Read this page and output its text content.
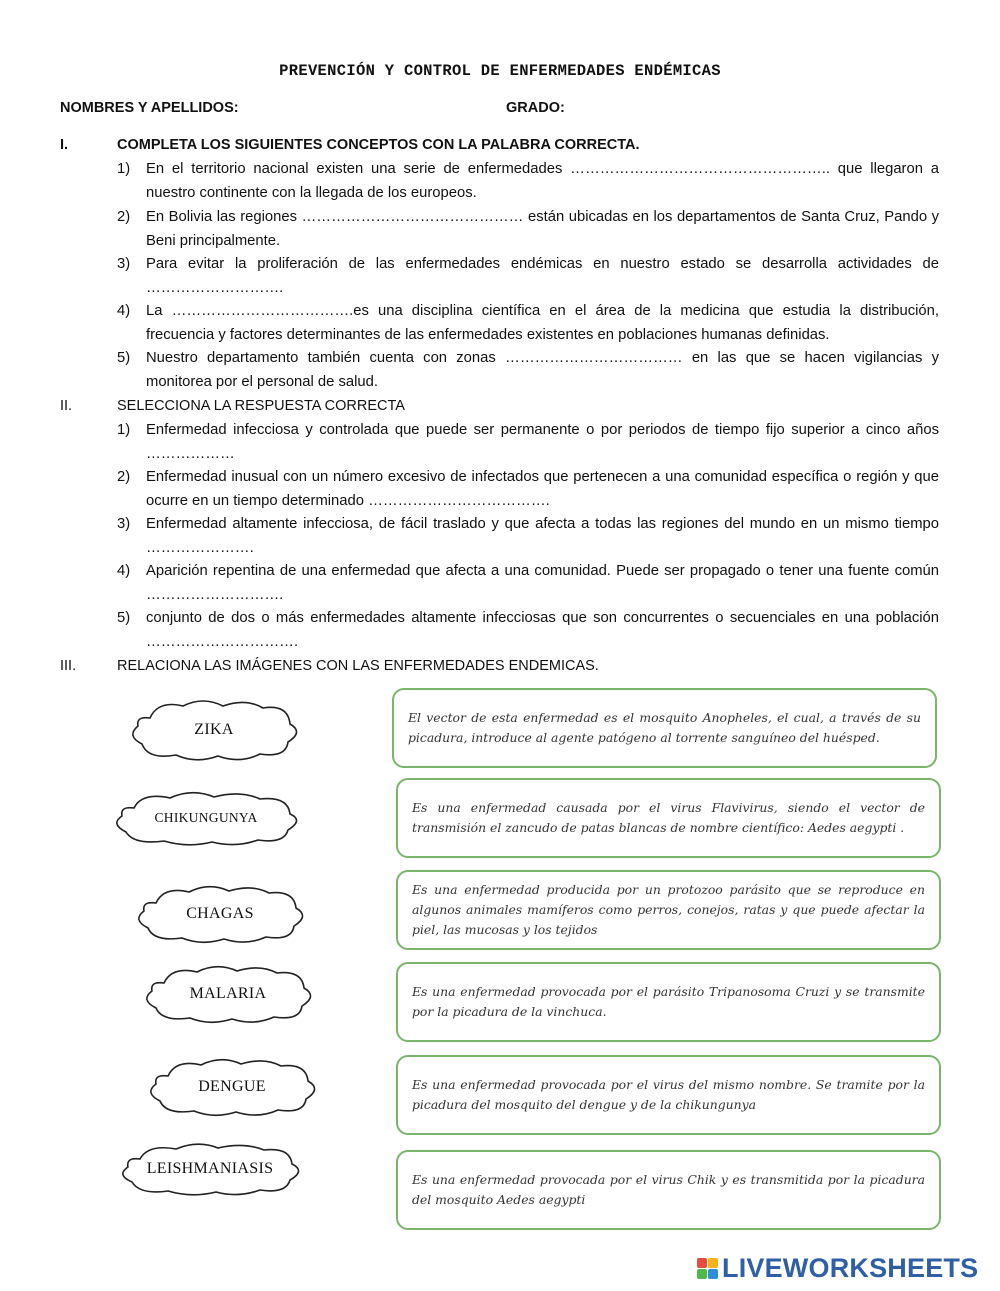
PREVENCIÓN Y CONTROL DE ENFERMEDADES ENDÉMICAS
NOMBRES Y APELLIDOS:	GRADO:
I.	COMPLETA LOS SIGUIENTES CONCEPTOS CON LA PALABRA CORRECTA.
1) En el territorio nacional existen una serie de enfermedades …………………………………………….. que llegaron a nuestro continente con la llegada de los europeos.
2) En Bolivia las regiones ……………………………………… están ubicadas en los departamentos de Santa Cruz, Pando y Beni principalmente.
3) Para evitar la proliferación de las enfermedades endémicas en nuestro estado se desarrolla actividades de ……………………….
4) La ……………………………….es una disciplina científica en el área de la medicina que estudia la distribución, frecuencia y factores determinantes de las enfermedades existentes en poblaciones humanas definidas.
5) Nuestro departamento también cuenta con zonas ……………………………… en las que se hacen vigilancias y monitorea por el personal de salud.
II.	SELECCIONA LA RESPUESTA CORRECTA
1) Enfermedad infecciosa y controlada que puede ser permanente o por periodos de tiempo fijo superior a cinco años ………………
2) Enfermedad inusual con un número excesivo de infectados que pertenecen a una comunidad específica o región y que ocurre en un tiempo determinado ……………………………….
3) Enfermedad altamente infecciosa, de fácil traslado y que afecta a todas las regiones del mundo en un mismo tiempo ………………….
4) Aparición repentina de una enfermedad que afecta a una comunidad. Puede ser propagado o tener una fuente común ……………………….
5) conjunto de dos o más enfermedades altamente infecciosas que son concurrentes o secuenciales en una población ………………………….
III.	RELACIONA LAS IMÁGENES CON LAS ENFERMEDADES ENDEMICAS.
ZIKA
CHIKUNGUNYA
CHAGAS
MALARIA
DENGUE
LEISHMANIASIS
El vector de esta enfermedad es el mosquito Anopheles, el cual, a través de su picadura, introduce al agente patógeno al torrente sanguíneo del huésped.
Es una enfermedad causada por el virus Flavivirus, siendo el vector de transmisión el zancudo de patas blancas de nombre científico: Aedes aegypti .
Es una enfermedad producida por un protozoo parásito que se reproduce en algunos animales mamíferos como perros, conejos, ratas y que puede afectar la piel, las mucosas y los tejidos
Es una enfermedad provocada por el parásito Tripanosoma Cruzi y se transmite por la picadura de la vinchuca.
Es una enfermedad provocada por el virus del mismo nombre. Se tramite por la picadura del mosquito del dengue y de la chikungunya
Es una enfermedad provocada por el virus Chik y es transmitida por la picadura del mosquito Aedes aegypti
LIVEWORKSHEETS
